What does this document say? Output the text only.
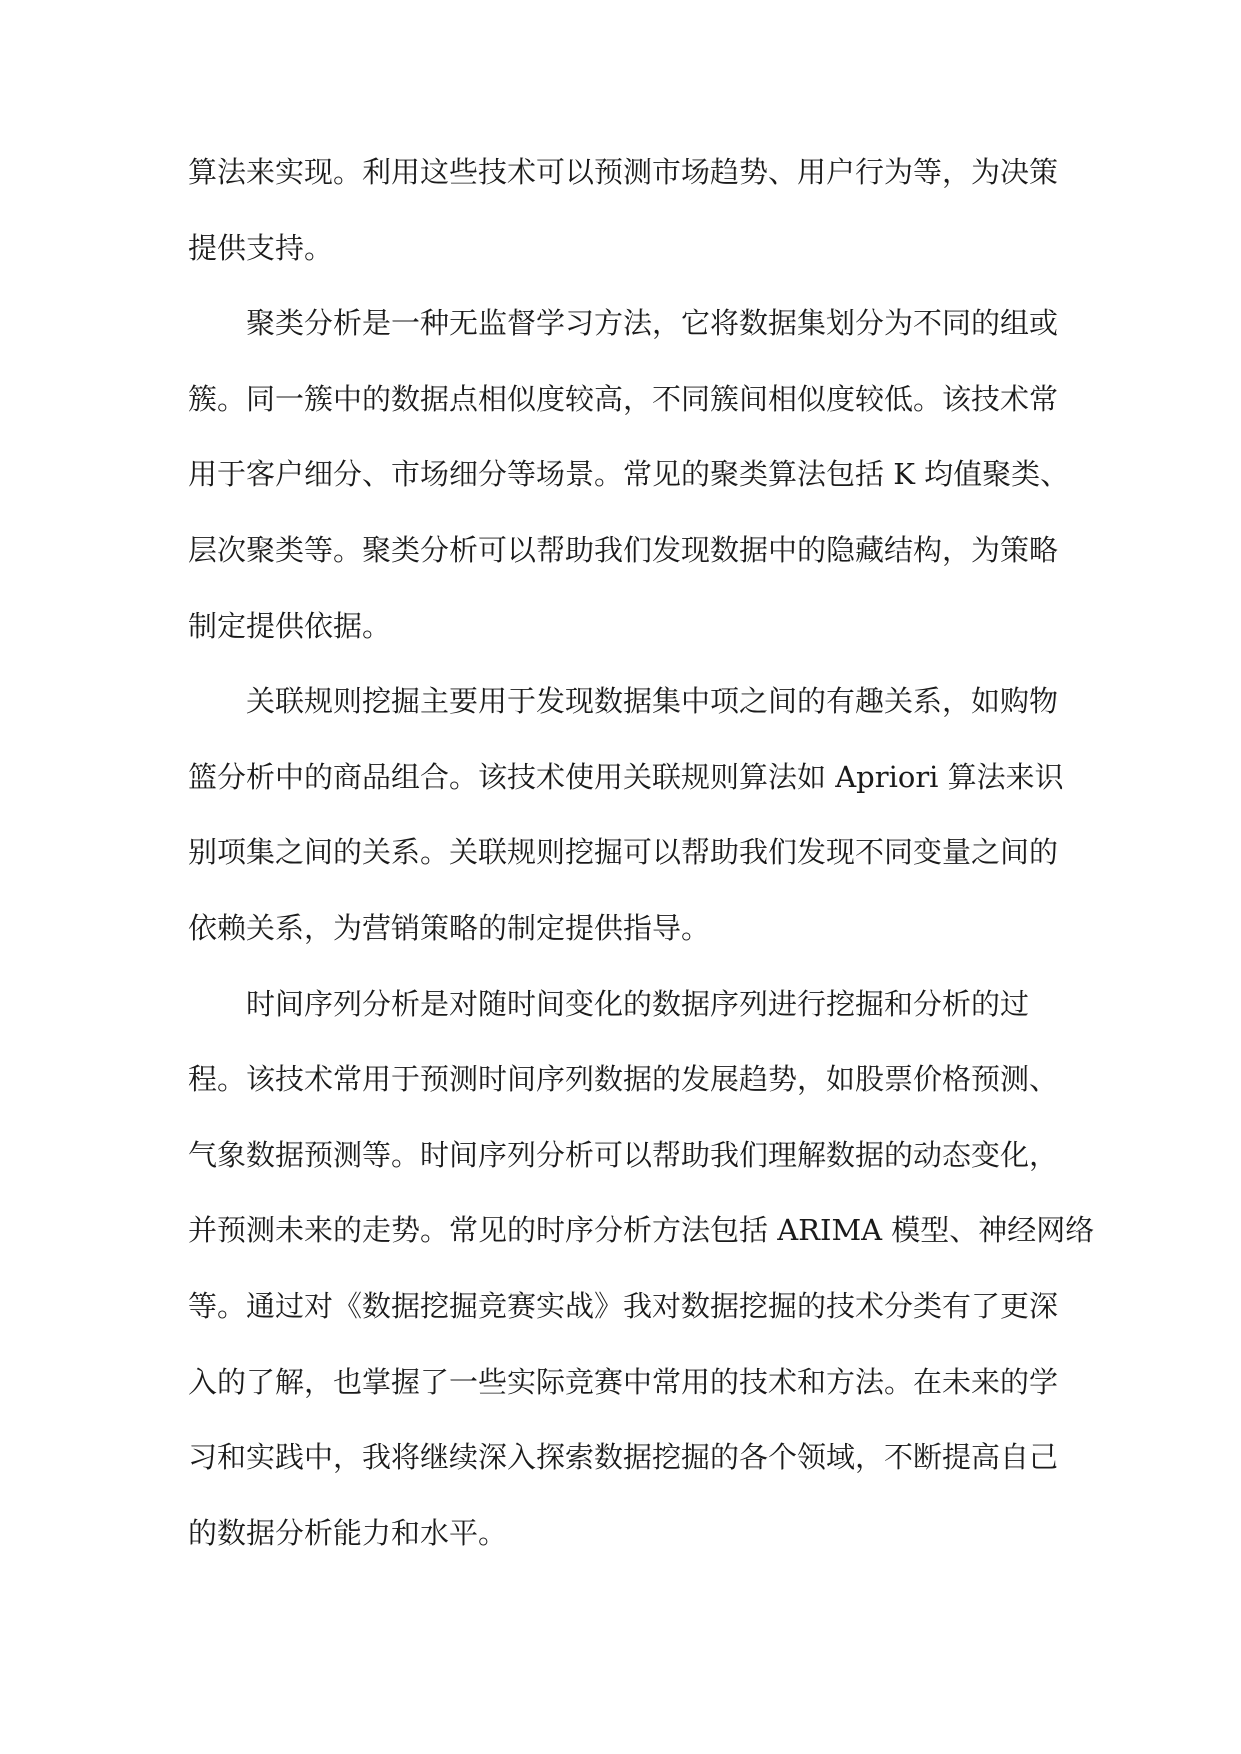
算法来实现。利用这些技术可以预测市场趋势、用户行为等，为决策
提供支持。
聚类分析是一种无监督学习方法，它将数据集划分为不同的组或
簇。同一簇中的数据点相似度较高，不同簇间相似度较低。该技术常
用于客户细分、市场细分等场景。常见的聚类算法包括 K 均值聚类、
层次聚类等。聚类分析可以帮助我们发现数据中的隐藏结构，为策略
制定提供依据。
关联规则挖掘主要用于发现数据集中项之间的有趣关系，如购物
篮分析中的商品组合。该技术使用关联规则算法如 Apriori 算法来识
别项集之间的关系。关联规则挖掘可以帮助我们发现不同变量之间的
依赖关系，为营销策略的制定提供指导。
时间序列分析是对随时间变化的数据序列进行挖掘和分析的过
程。该技术常用于预测时间序列数据的发展趋势，如股票价格预测、
气象数据预测等。时间序列分析可以帮助我们理解数据的动态变化，
并预测未来的走势。常见的时序分析方法包括 ARIMA 模型、神经网络
等。通过对《数据挖掘竞赛实战》我对数据挖掘的技术分类有了更深
入的了解，也掌握了一些实际竞赛中常用的技术和方法。在未来的学
习和实践中，我将继续深入探索数据挖掘的各个领域，不断提高自己
的数据分析能力和水平。
